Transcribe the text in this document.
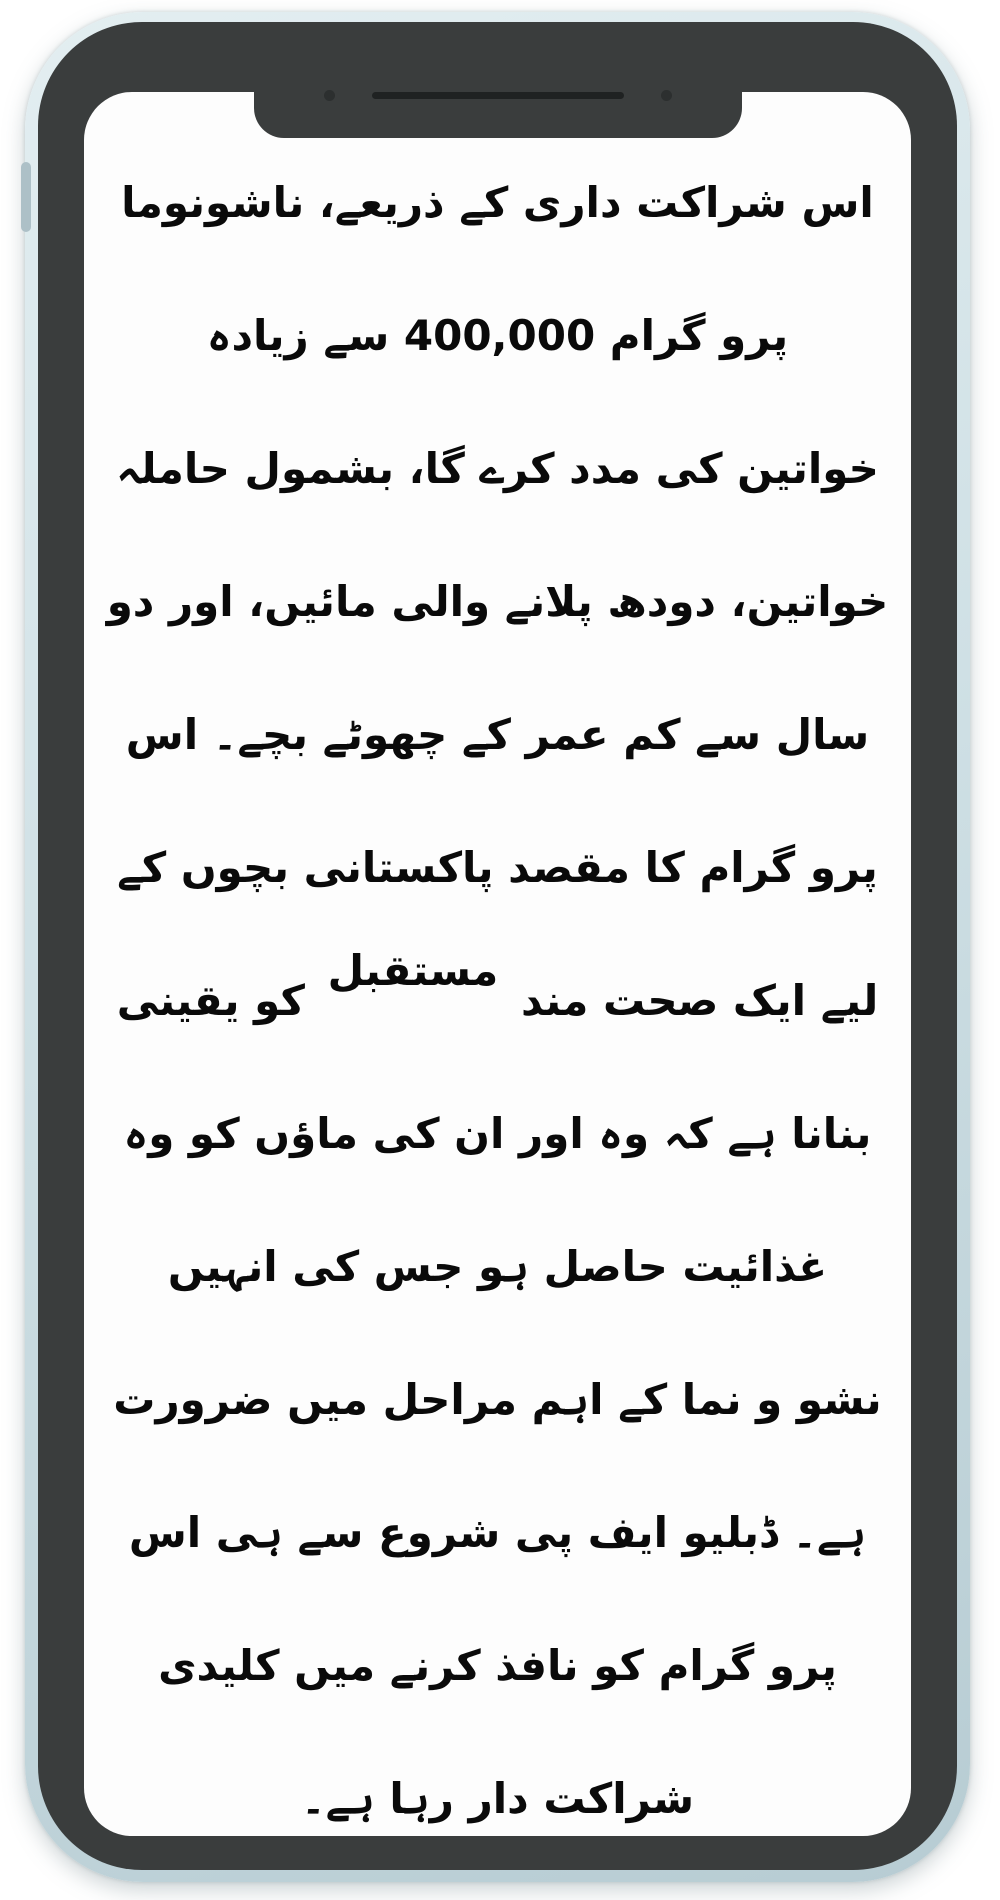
اس شراکت داری کے ذریعے، ناشونوما

پرو گرام 400,000 سے زیادہ

خواتین کی مدد کرے گا، بشمول حاملہ

خواتین، دودھ پلانے والی مائیں، اور دو

سال سے کم عمر کے چھوٹے بچے۔ اس

پرو گرام کا مقصد پاکستانی بچوں کے

لیے ایک صحت مند مستقبل کو یقینی

بنانا ہے کہ وہ اور ان کی ماؤں کو وہ

غذائیت حاصل ہو جس کی انہیں

نشو و نما کے اہم مراحل میں ضرورت

ہے۔ ڈبلیو ایف پی شروع سے ہی اس

پرو گرام کو نافذ کرنے میں کلیدی

شراکت دار رہا ہے۔
